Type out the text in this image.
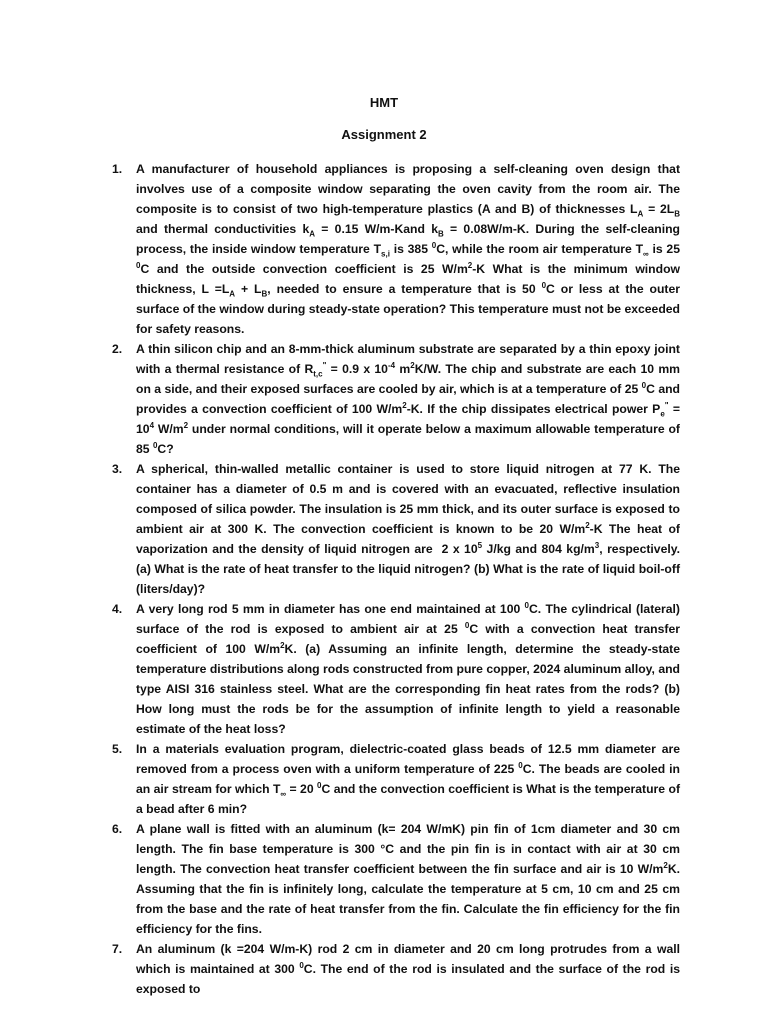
HMT
Assignment 2
1. A manufacturer of household appliances is proposing a self-cleaning oven design that involves use of a composite window separating the oven cavity from the room air. The composite is to consist of two high-temperature plastics (A and B) of thicknesses $L_A = 2L_B$ and thermal conductivities $k_A = 0.15$ W/m-Kand $k_B = 0.08W/m-K$. During the self-cleaning process, the inside window temperature $T_{s,i}$ is 385 $^0$C, while the room air temperature $T_\infty$ is 25 $^0$C and the outside convection coefficient is 25 $W/m^2-K$ What is the minimum window thickness, $L =L_A + L_B$, needed to ensure a temperature that is 50 $^0$C or less at the outer surface of the window during steady-state operation? This temperature must not be exceeded for safety reasons.
2. A thin silicon chip and an 8-mm-thick aluminum substrate are separated by a thin epoxy joint with a thermal resistance of $R_{t,c}^" = 0.9$ x $10^{-4}$ $m^2K/W$. The chip and substrate are each 10 mm on a side, and their exposed surfaces are cooled by air, which is at a temperature of 25 $^0$C and provides a convection coefficient of 100 $W/m^2-K$. If the chip dissipates electrical power $P_e^" = 10^4$ $W/m^2$ under normal conditions, will it operate below a maximum allowable temperature of 85 $^0$C?
3. A spherical, thin-walled metallic container is used to store liquid nitrogen at 77 K. The container has a diameter of 0.5 m and is covered with an evacuated, reflective insulation composed of silica powder. The insulation is 25 mm thick, and its outer surface is exposed to ambient air at 300 K. The convection coefficient is known to be 20 $W/m^2-K$ The heat of vaporization and the density of liquid nitrogen are  2 x $10^5$ J/kg and 804 $kg/m^3$, respectively. (a) What is the rate of heat transfer to the liquid nitrogen? (b) What is the rate of liquid boil-off (liters/day)?
4. A very long rod 5 mm in diameter has one end maintained at 100 $^0$C. The cylindrical (lateral) surface of the rod is exposed to ambient air at 25 $^0$C with a convection heat transfer coefficient of 100 $W/m^2K$. (a) Assuming an infinite length, determine the steady-state temperature distributions along rods constructed from pure copper, 2024 aluminum alloy, and type AISI 316 stainless steel. What are the corresponding fin heat rates from the rods? (b) How long must the rods be for the assumption of infinite length to yield a reasonable estimate of the heat loss?
5. In a materials evaluation program, dielectric-coated glass beads of 12.5 mm diameter are removed from a process oven with a uniform temperature of 225 $^0$C. The beads are cooled in an air stream for which $T_\infty = 20$ $^0$C and the convection coefficient is What is the temperature of a bead after 6 min?
6. A plane wall is fitted with an aluminum (k= 204 W/mK) pin fin of 1cm diameter and 30 cm length. The fin base temperature is 300 °C and the pin fin is in contact with air at 30 cm length. The convection heat transfer coefficient between the fin surface and air is 10 $W/m^2K$. Assuming that the fin is infinitely long, calculate the temperature at 5 cm, 10 cm and 25 cm from the base and the rate of heat transfer from the fin. Calculate the fin efficiency for the fin efficiency for the fins.
7. An aluminum (k =204 W/m-K) rod 2 cm in diameter and 20 cm long protrudes from a wall which is maintained at 300 $^0$C. The end of the rod is insulated and the surface of the rod is exposed to
